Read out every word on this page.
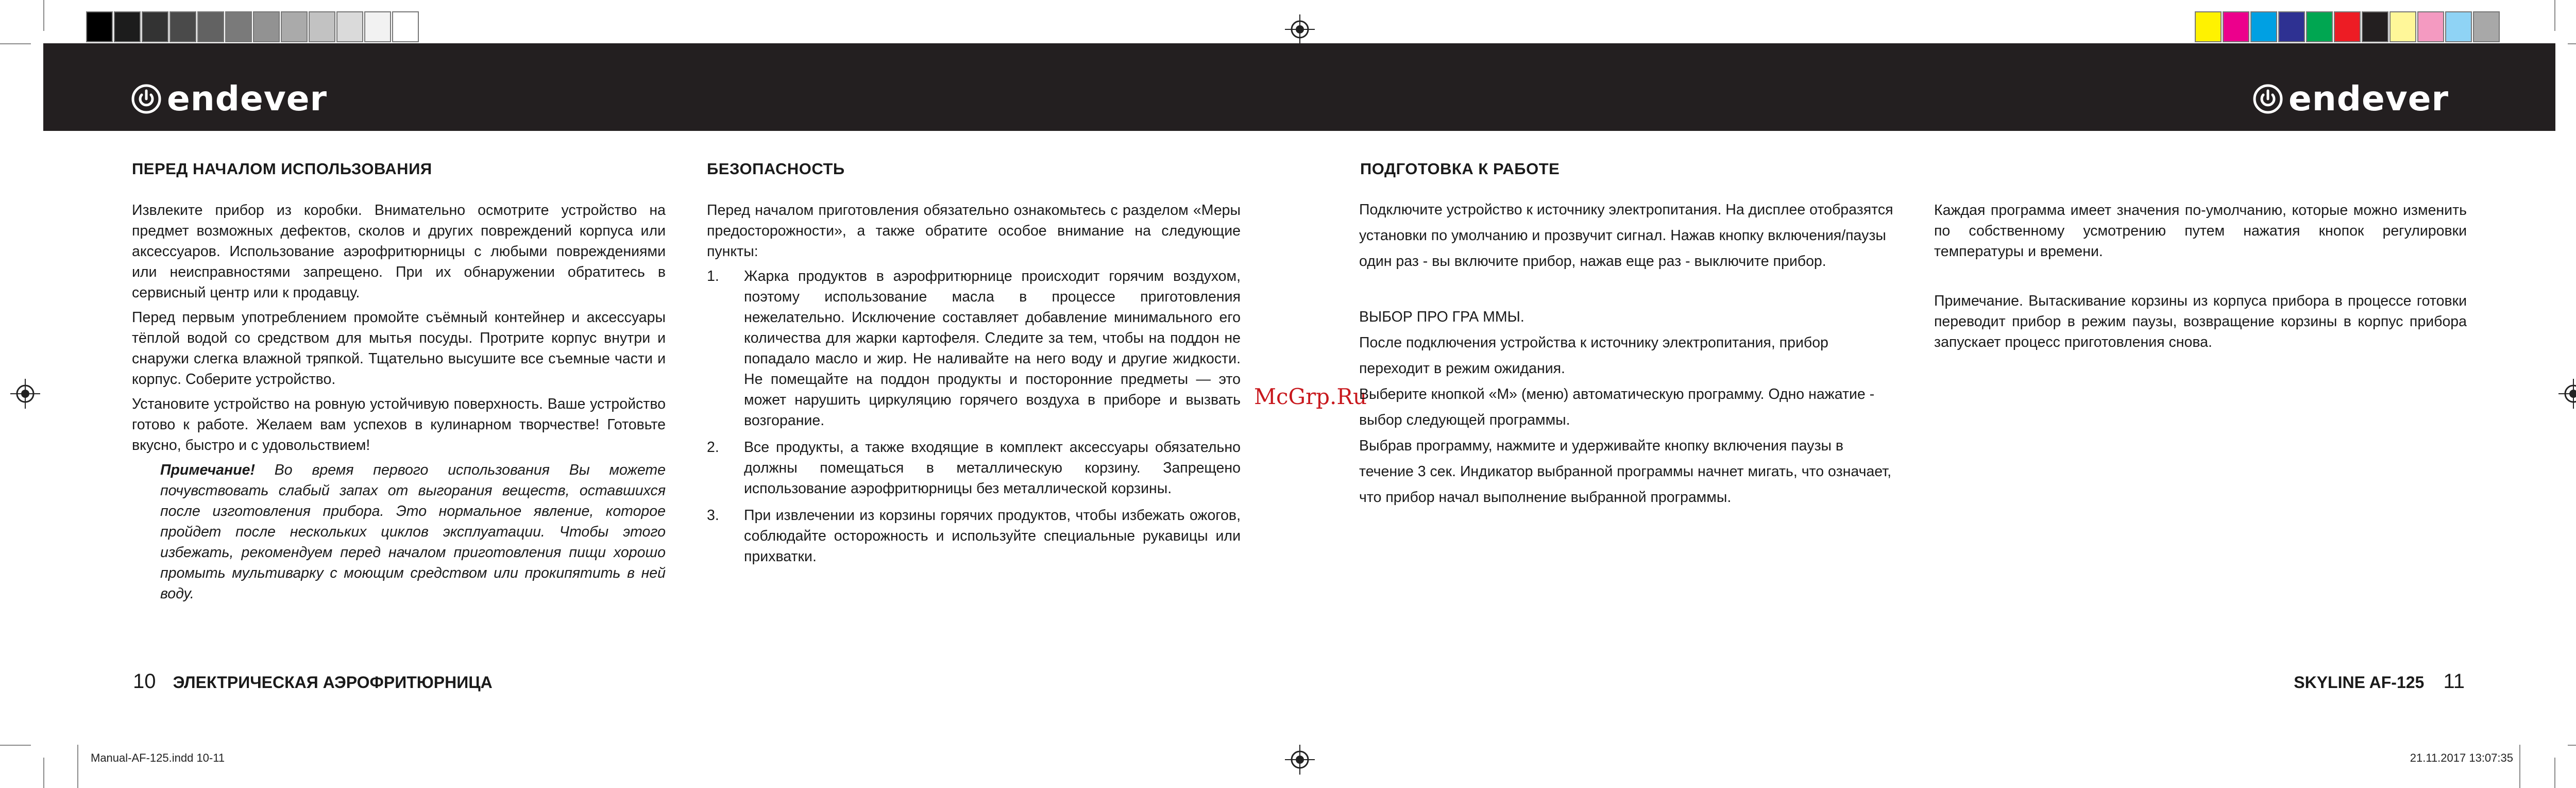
endever	endever
ПЕРЕД НАЧАЛОМ ИСПОЛЬЗОВАНИЯ

Извлеките прибор из коробки. Внимательно осмотрите устройство на предмет возможных дефектов, сколов и других повреждений корпуса или аксессуаров. Использование аэрофритюрницы с любыми повреждениями или неисправностями запрещено. При их обнаружении обратитесь в сервисный центр или к продавцу.

Перед первым употреблением промойте съёмный контейнер и аксессуары тёплой водой со средством для мытья посуды. Протрите корпус внутри и снаружи слегка влажной тряпкой. Тщательно высушите все съемные части и корпус. Соберите устройство.

Установите устройство на ровную устойчивую поверхность. Ваше устройство готово к работе. Желаем вам успехов в кулинарном творчестве! Готовьте вкусно, быстро и с удовольствием!

Примечание! Во время первого использования Вы можете почувствовать слабый запах от выгорания веществ, оставшихся после изготовления прибора. Это нормальное явление, которое пройдет после нескольких циклов эксплуатации. Чтобы этого избежать, рекомендуем перед началом приготовления пищи хорошо промыть мультиварку с моющим средством или прокипятить в ней воду.
БЕЗОПАСНОСТЬ

Перед началом приготовления обязательно ознакомьтесь с разделом «Меры предосторожности», а также обратите особое внимание на следующие пункты:

1. Жарка продуктов в аэрофритюрнице происходит горячим воздухом, поэтому использование масла в процессе приготовления нежелательно. Исключение составляет добавление минимального его количества для жарки картофеля. Следите за тем, чтобы на поддон не попадало масло и жир. Не наливайте на него воду и другие жидкости. Не помещайте на поддон продукты и посторонние предметы — это может нарушить циркуляцию горячего воздуха в приборе и вызвать возгорание.
2. Все продукты, а также входящие в комплект аксессуары обязательно должны помещаться в металлическую корзину. Запрещено использование аэрофритюрницы без металлической корзины.
3. При извлечении из корзины горячих продуктов, чтобы избежать ожогов, соблюдайте осторожность и используйте специальные рукавицы или прихватки.
McGrp.Ru
ПОДГОТОВКА К РАБОТЕ

Подключите устройство к источнику электропитания. На дисплее отобразятся установки по умолчанию и прозвучит сигнал. Нажав кнопку включения/паузы один раз - вы включите прибор, нажав еще раз - выключите прибор.

ВЫБОР ПРО ГРА ММЫ.

После подключения устройства к источнику электропитания, прибор переходит в режим ожидания.

Выберите кнопкой «М» (меню) автоматическую программу. Одно нажатие - выбор следующей программы.

Выбрав программу, нажмите и удерживайте кнопку включения паузы в течение 3 сек. Индикатор выбранной программы начнет мигать, что означает, что прибор начал выполнение выбранной программы.

Каждая программа имеет значения по-умолчанию, которые можно изменить по собственному усмотрению путем нажатия кнопок регулировки температуры и времени.

Примечание. Вытаскивание корзины из корпуса прибора в процессе готовки переводит прибор в режим паузы, возвращение корзины в корпус прибора запускает процесс приготовления снова.

10 ЭЛЕКТРИЧЕСКАЯ АЭРОФРИТЮРНИЦА	SKYLINE AF-125 11
Manual-AF-125.indd 10-11	21.11.2017 13:07:35
